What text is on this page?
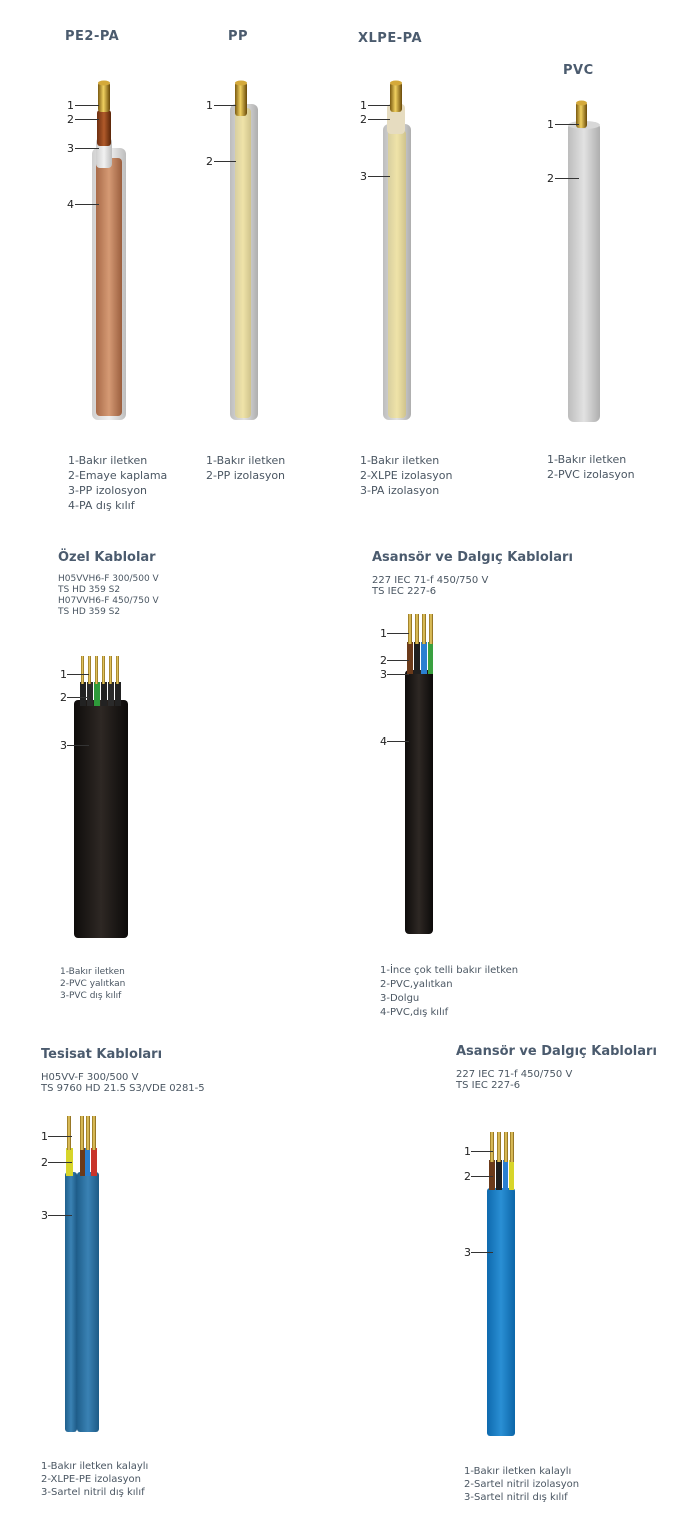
PE2-PA	PP	XLPE-PA
PVC
1
2
3
4
1
2
1
2
3
1
2
1-Bakır iletken
2-Emaye kaplama
3-PP izolosyon
4-PA dış kılıf
1-Bakır iletken
2-PP izolasyon
1-Bakır iletken
2-XLPE izolasyon
3-PA izolasyon
1-Bakır iletken
2-PVC izolasyon
Özel Kablolar
H05VVH6-F 300/500 V
TS HD 359 S2
H07VVH6-F 450/750 V
TS HD 359 S2
1
2
3
1-Bakır iletken
2-PVC yalıtkan
3-PVC dış kılıf
Asansör ve Dalgıç Kabloları
227 IEC 71-f 450/750 V
TS IEC 227-6
1
2
3
4
1-İnce çok telli bakır iletken
2-PVC,yalıtkan
3-Dolgu
4-PVC,dış kılıf
Tesisat Kabloları
H05VV-F 300/500 V
TS 9760 HD 21.5 S3/VDE 0281-5
1
2
3
1-Bakır iletken kalaylı
2-XLPE-PE izolasyon
3-Sartel nitril dış kılıf
Asansör ve Dalgıç Kabloları
227 IEC 71-f 450/750 V
TS IEC 227-6
1
2
3
1-Bakır iletken kalaylı
2-Sartel nitril izolasyon
3-Sartel nitril dış kılıf
